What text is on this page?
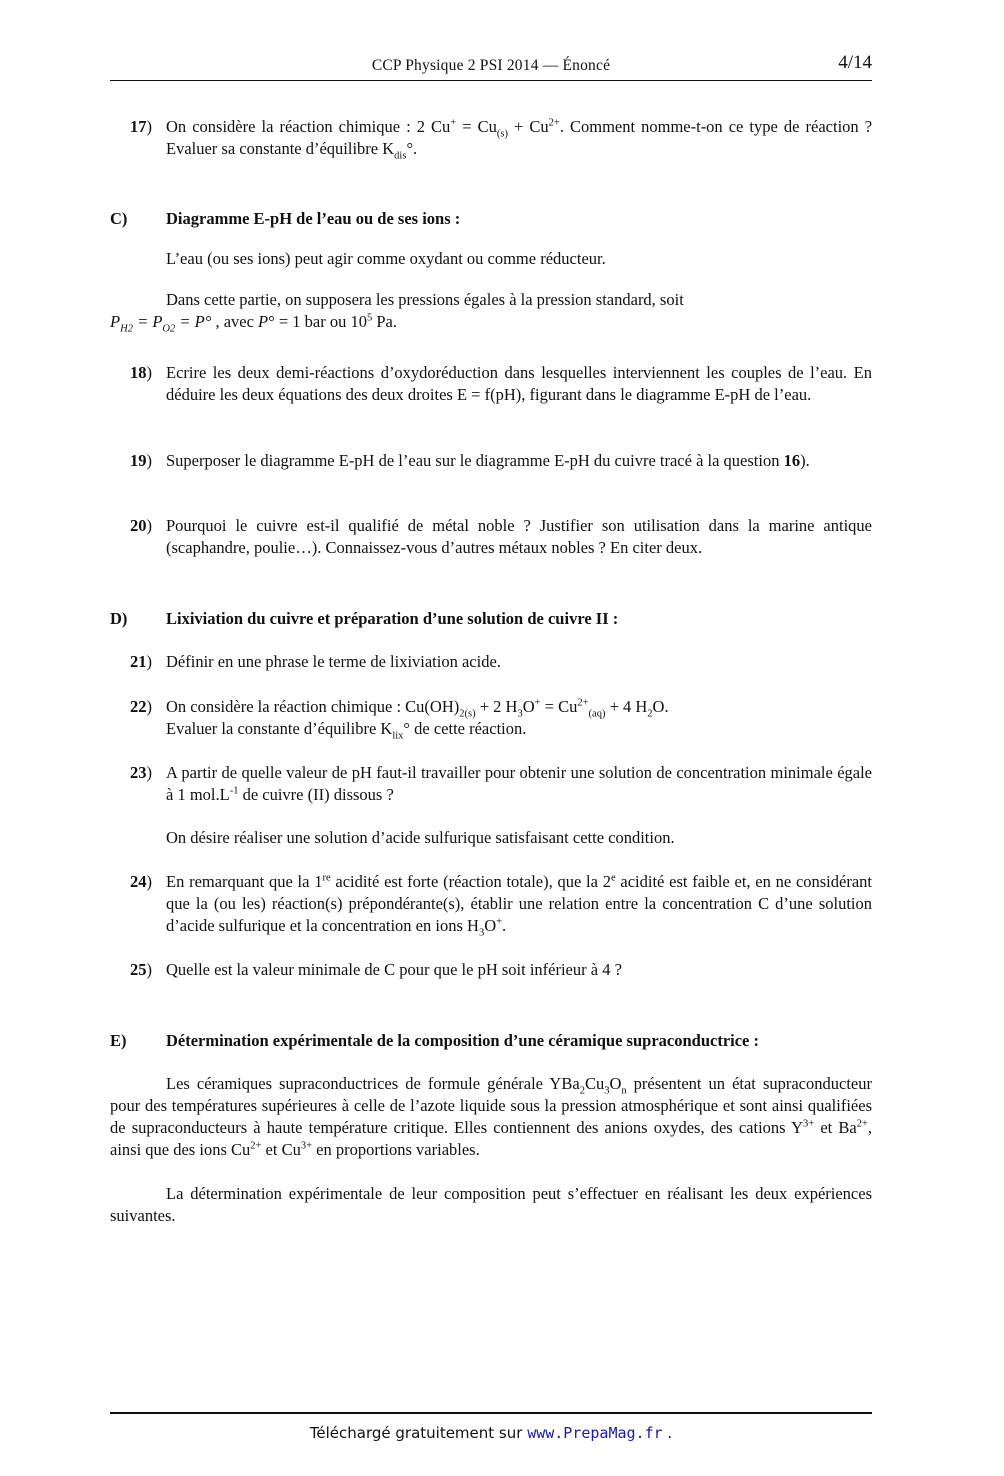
CCP Physique 2 PSI 2014 — Énoncé	4/14
17) On considère la réaction chimique : 2 $Cu^+ = Cu_{(s)} + Cu^{2+}$. Comment nomme-t-on ce type de réaction ? Evaluer sa constante d’équilibre $K_{dis}^\circ$.
C) Diagramme E-pH de l’eau ou de ses ions :
L’eau (ou ses ions) peut agir comme oxydant ou comme réducteur.
Dans cette partie, on supposera les pressions égales à la pression standard, soit
$P_{H2} = P_{O2} = P^\circ$ , avec P° = 1 bar ou $10^5$ Pa.
18) Ecrire les deux demi-réactions d’oxydoréduction dans lesquelles interviennent les couples de l’eau. En déduire les deux équations des deux droites E = f(pH), figurant dans le diagramme E-pH de l’eau.
19) Superposer le diagramme E-pH de l’eau sur le diagramme E-pH du cuivre tracé à la question 16).
20) Pourquoi le cuivre est-il qualifié de métal noble ? Justifier son utilisation dans la marine antique (scaphandre, poulie…). Connaissez-vous d’autres métaux nobles ? En citer deux.
D) Lixiviation du cuivre et préparation d’une solution de cuivre II :
21) Définir en une phrase le terme de lixiviation acide.
22) On considère la réaction chimique : $Cu(OH)_{2(s)} + 2$ $H_3O^+ = Cu^{2+}_{(aq)} + 4$ $H_2O$.
Evaluer la constante d’équilibre $K_{lix}^\circ$ de cette réaction.
23) A partir de quelle valeur de pH faut-il travailler pour obtenir une solution de concentration minimale égale à 1 $mol.L^{-1}$ de cuivre (II) dissous ?
On désire réaliser une solution d’acide sulfurique satisfaisant cette condition.
24) En remarquant que la 1re acidité est forte (réaction totale), que la 2e acidité est faible et, en ne considérant que la (ou les) réaction(s) prépondérante(s), établir une relation entre la concentration C d’une solution d’acide sulfurique et la concentration en ions $H_3O^+$.
25) Quelle est la valeur minimale de C pour que le pH soit inférieur à 4 ?
E) Détermination expérimentale de la composition d’une céramique supraconductrice :
Les céramiques supraconductrices de formule générale $YBa_2Cu_3O_n$ présentent un état supraconducteur pour des températures supérieures à celle de l’azote liquide sous la pression atmosphérique et sont ainsi qualifiées de supraconducteurs à haute température critique. Elles contiennent des anions oxydes, des cations $Y^{3+}$ et $Ba^{2+}$, ainsi que des ions $Cu^{2+}$ et $Cu^{3+}$ en proportions variables.
La détermination expérimentale de leur composition peut s’effectuer en réalisant les deux expériences suivantes.
Téléchargé gratuitement sur www.PrepaMag.fr .
